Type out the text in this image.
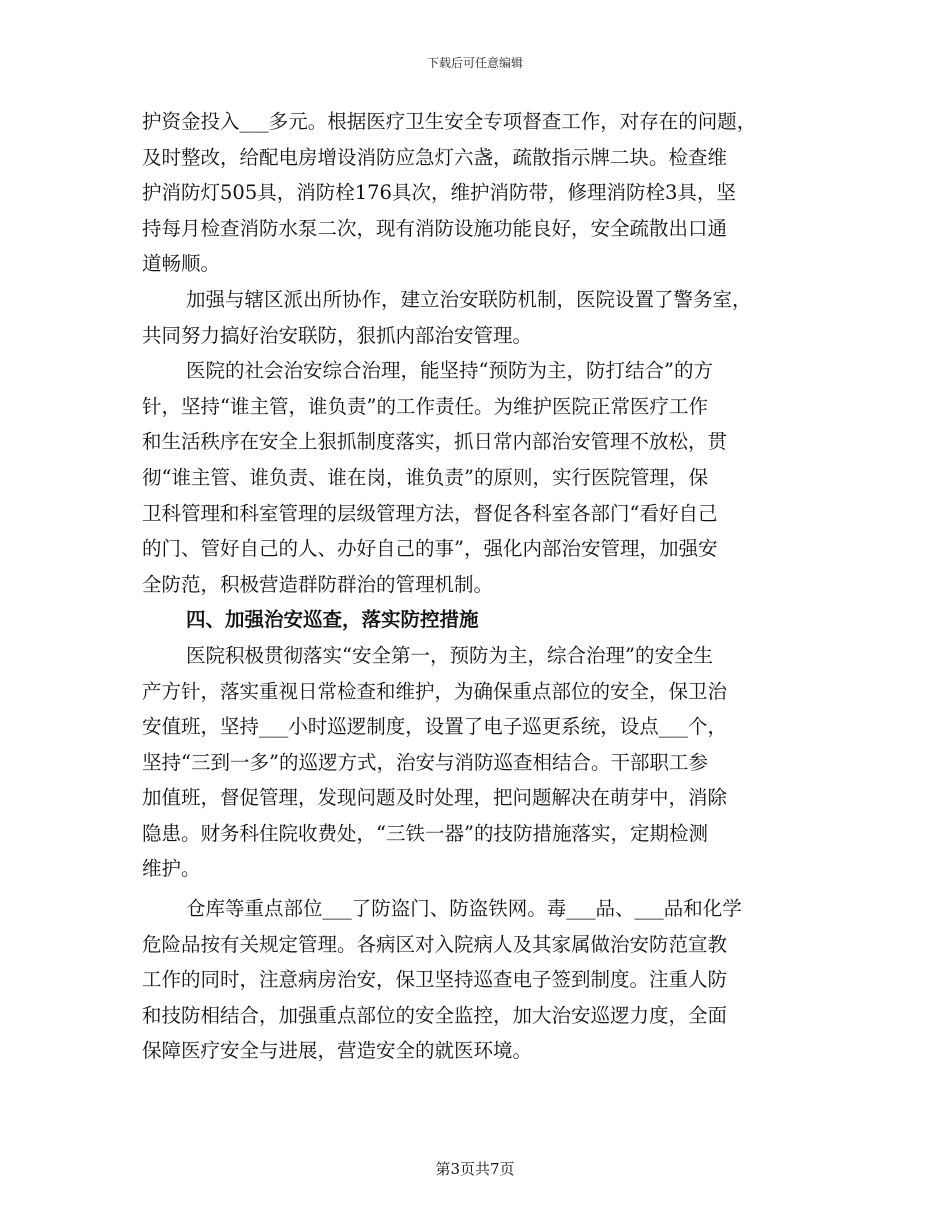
下载后可任意编辑
护资金投入___多元。根据医疗卫生安全专项督查工作，对存在的问题，
及时整改，给配电房增设消防应急灯六盏，疏散指示牌二块。检查维
护消防灯505具，消防栓176具次，维护消防带，修理消防栓3具，坚
持每月检查消防水泵二次，现有消防设施功能良好，安全疏散出口通
道畅顺。
加强与辖区派出所协作，建立治安联防机制，医院设置了警务室，
共同努力搞好治安联防，狠抓内部治安管理。
医院的社会治安综合治理，能坚持“预防为主，防打结合”的方
针，坚持“谁主管，谁负责”的工作责任。为维护医院正常医疗工作
和生活秩序在安全上狠抓制度落实，抓日常内部治安管理不放松，贯
彻“谁主管、谁负责、谁在岗，谁负责”的原则，实行医院管理，保
卫科管理和科室管理的层级管理方法，督促各科室各部门“看好自己
的门、管好自己的人、办好自己的事”，强化内部治安管理，加强安
全防范，积极营造群防群治的管理机制。
四、加强治安巡查，落实防控措施
医院积极贯彻落实“安全第一，预防为主，综合治理”的安全生
产方针，落实重视日常检查和维护，为确保重点部位的安全，保卫治
安值班，坚持___小时巡逻制度，设置了电子巡更系统，设点___个，
坚持“三到一多”的巡逻方式，治安与消防巡查相结合。干部职工参
加值班，督促管理，发现问题及时处理，把问题解决在萌芽中，消除
隐患。财务科住院收费处，“三铁一器”的技防措施落实，定期检测
维护。
仓库等重点部位___了防盗门、防盗铁网。毒___品、___品和化学
危险品按有关规定管理。各病区对入院病人及其家属做治安防范宣教
工作的同时，注意病房治安，保卫坚持巡查电子签到制度。注重人防
和技防相结合，加强重点部位的安全监控，加大治安巡逻力度，全面
保障医疗安全与进展，营造安全的就医环境。
第3页共7页
